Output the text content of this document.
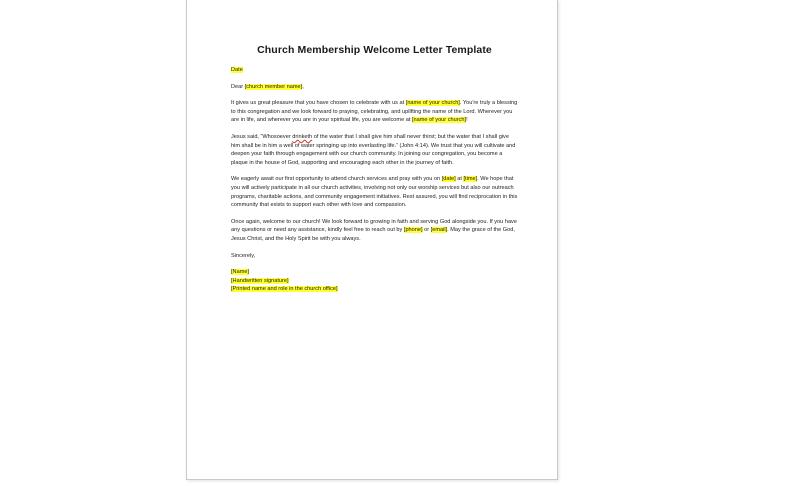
Church Membership Welcome Letter Template

Date

Dear [church member name],

It gives us great pleasure that you have chosen to celebrate with us at [name of your church]. You're truly a blessing to this congregation and we look forward to praying, celebrating, and uplifting the name of the Lord. Wherever you are in life, and wherever you are in your spiritual life, you are welcome at [name of your church]!

Jesus said, “Whosoever drinketh of the water that I shall give him shall never thirst; but the water that I shall give him shall be in him a well of water springing up into everlasting life.” (John 4:14). We trust that you will cultivate and deepen your faith through engagement with our church community. In joining our congregation, you become a plaque in the house of God, supporting and encouraging each other in the journey of faith.

We eagerly await our first opportunity to attend church services and pray with you on [date] at [time]. We hope that you will actively participate in all our church activities, involving not only our worship services but also our outreach programs, charitable actions, and community engagement initiatives. Rest assured, you will find reciprocation in this community that exists to support each other with love and compassion.

Once again, welcome to our church! We look forward to growing in faith and serving God alongside you. If you have any questions or need any assistance, kindly feel free to reach out by [phone] or [email]. May the grace of the God, Jesus Christ, and the Holy Spirit be with you always.

Sincerely,

[Name]

[Handwritten signature]

[Printed name and role in the church office]
